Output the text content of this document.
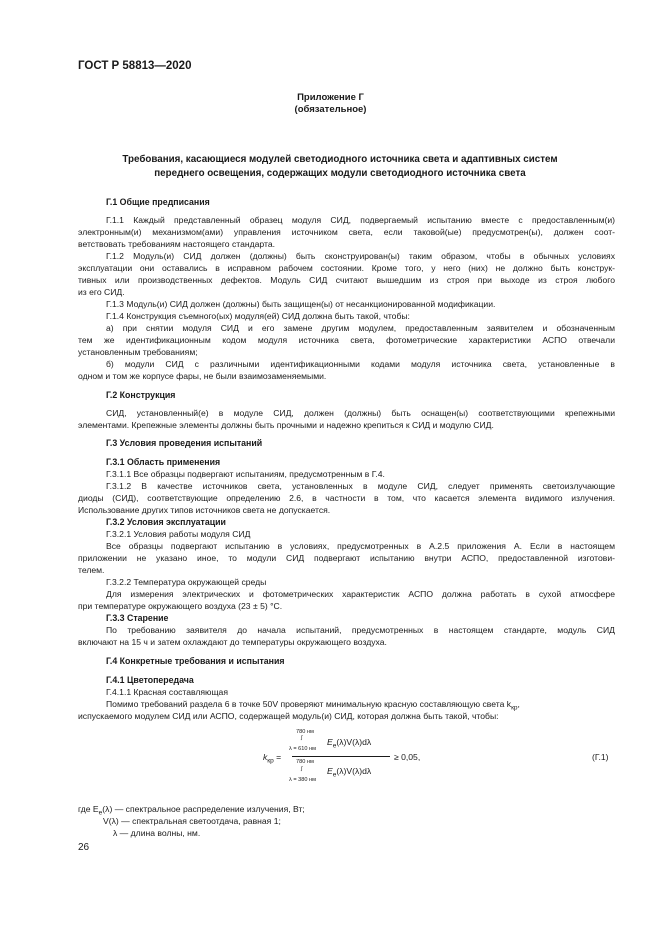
ГОСТ Р 58813—2020
Приложение Г
(обязательное)
Требования, касающиеся модулей светодиодного источника света и адаптивных систем
переднего освещения, содержащих модули светодиодного источника света
Г.1 Общие предписания
Г.1.1 Каждый представленный образец модуля СИД, подвергаемый испытанию вместе с предоставленным(и)
электронным(и) механизмом(ами) управления источником света, если таковой(ые) предусмотрен(ы), должен соот-
ветствовать требованиям настоящего стандарта.
Г.1.2 Модуль(и) СИД должен (должны) быть сконструирован(ы) таким образом, чтобы в обычных условиях
эксплуатации они оставались в исправном рабочем состоянии. Кроме того, у него (них) не должно быть конструк-
тивных или производственных дефектов. Модуль СИД считают вышедшим из строя при выходе из строя любого
из его СИД.
Г.1.3 Модуль(и) СИД должен (должны) быть защищен(ы) от несанкционированной модификации.
Г.1.4 Конструкция съемного(ых) модуля(ей) СИД должна быть такой, чтобы:
а) при снятии модуля СИД и его замене другим модулем, предоставленным заявителем и обозначенным
тем же идентификационным кодом модуля источника света, фотометрические характеристики АСПО отвечали
установленным требованиям;
б) модули СИД с различными идентификационными кодами модуля источника света, установленные в
одном и том же корпусе фары, не были взаимозаменяемыми.
Г.2 Конструкция
СИД, установленный(е) в модуле СИД, должен (должны) быть оснащен(ы) соответствующими крепежными
элементами. Крепежные элементы должны быть прочными и надежно крепиться к СИД и модулю СИД.
Г.3 Условия проведения испытаний
Г.3.1 Область применения
Г.3.1.1 Все образцы подвергают испытаниям, предусмотренным в Г.4.
Г.3.1.2 В качестве источников света, установленных в модуле СИД, следует применять светоизлучающие
диоды (СИД), соответствующие определению 2.6, в частности в том, что касается элемента видимого излучения.
Использование других типов источников света не допускается.
Г.3.2 Условия эксплуатации
Г.3.2.1 Условия работы модуля СИД
Все образцы подвергают испытанию в условиях, предусмотренных в А.2.5 приложения А. Если в настоящем
приложении не указано иное, то модули СИД подвергают испытанию внутри АСПО, предоставленной изготови-
телем.
Г.3.2.2 Температура окружающей среды
Для измерения электрических и фотометрических характеристик АСПО должна работать в сухой атмосфере
при температуре окружающего воздуха (23 ± 5) °С.
Г.3.3 Старение
По требованию заявителя до начала испытаний, предусмотренных в настоящем стандарте, модуль СИД
включают на 15 ч и затем охлаждают до температуры окружающего воздуха.
Г.4 Конкретные требования и испытания
Г.4.1 Цветопередача
Г.4.1.1 Красная составляющая
Помимо требований раздела 6 в точке 50V проверяют минимальную красную составляющую света $k_{кр}$,
испускаемого модулем СИД или АСПО, содержащей модуль(и) СИД, которая должна быть такой, чтобы:
$k_{кр}$ =
780 нм
∫
λ = 610 нм
$E_e(\lambda)V(\lambda)d\lambda$
780 нм
∫
λ = 380 нм
$E_e(\lambda)V(\lambda)d\lambda$
≥ 0,05,	(Г.1)
где $E_e(\lambda)$ — спектральное распределение излучения, Вт;
V(λ) — спектральная светоотдача, равная 1;
λ — длина волны, нм.
26
